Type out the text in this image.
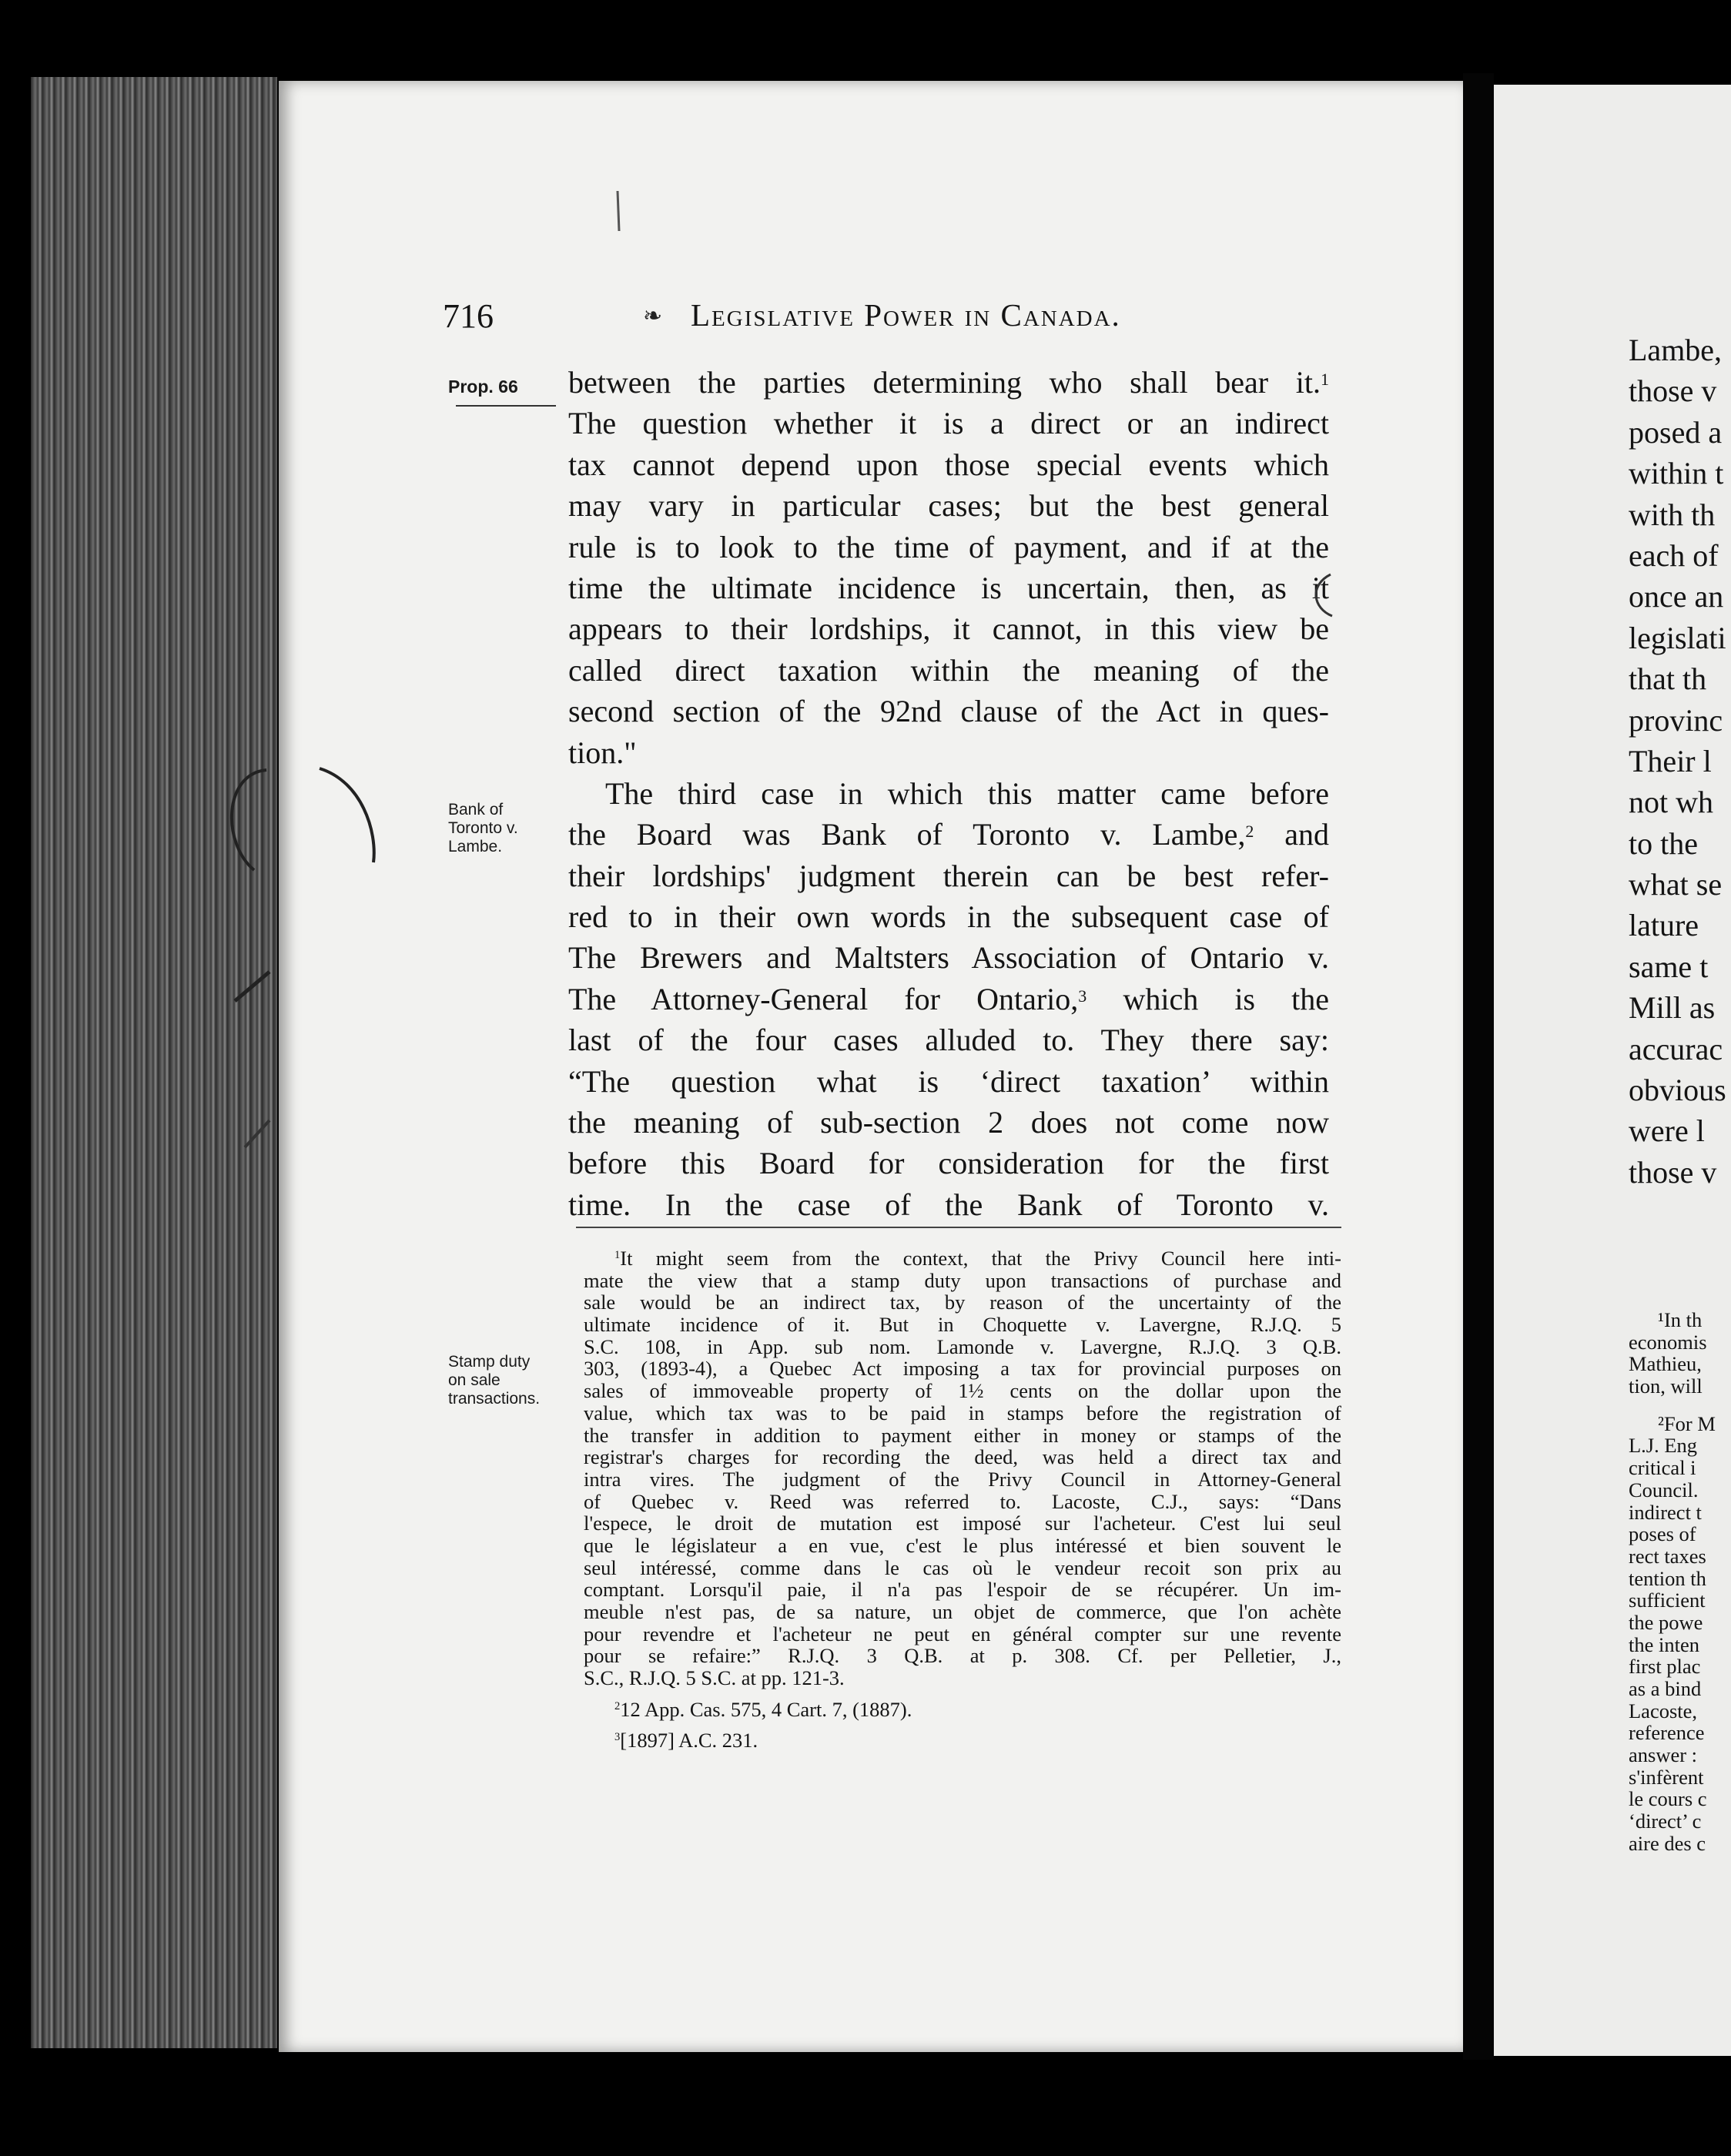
716	❧ Legislative Power in Canada.
Prop. 66
Bank of
Toronto v.
Lambe.
Stamp duty
on sale
transactions.
between the parties determining who shall bear it.$^1$
The question whether it is a direct or an indirect
tax cannot depend upon those special events which
may vary in particular cases; but the best general
rule is to look to the time of payment, and if at the
time the ultimate incidence is uncertain, then, as it
appears to their lordships, it cannot, in this view be
called direct taxation within the meaning of the
second section of the 92nd clause of the Act in ques-
tion."
The third case in which this matter came before
the Board was Bank of Toronto v. Lambe,$^2$ and
their lordships' judgment therein can be best refer-
red to in their own words in the subsequent case of
The Brewers and Maltsters Association of Ontario v.
The Attorney-General for Ontario,$^3$ which is the
last of the four cases alluded to. They there say:
“The question what is ‘direct taxation’ within
the meaning of sub-section 2 does not come now
before this Board for consideration for the first
time. In the case of the Bank of Toronto v.
$^1$It might seem from the context, that the Privy Council here inti-
mate the view that a stamp duty upon transactions of purchase and
sale would be an indirect tax, by reason of the uncertainty of the
ultimate incidence of it. But in Choquette v. Lavergne, R.J.Q. 5
S.C. 108, in App. sub nom. Lamonde v. Lavergne, R.J.Q. 3 Q.B.
303, (1893-4), a Quebec Act imposing a tax for provincial purposes on
sales of immoveable property of 1½ cents on the dollar upon the
value, which tax was to be paid in stamps before the registration of
the transfer in addition to payment either in money or stamps of the
registrar's charges for recording the deed, was held a direct tax and
intra vires. The judgment of the Privy Council in Attorney-General
of Quebec v. Reed was referred to. Lacoste, C.J., says: “Dans
l'espece, le droit de mutation est imposé sur l'acheteur. C'est lui seul
que le législateur a en vue, c'est le plus intéressé et bien souvent le
seul intéressé, comme dans le cas où le vendeur recoit son prix au
comptant. Lorsqu'il paie, il n'a pas l'espoir de se récupérer. Un im-
meuble n'est pas, de sa nature, un objet de commerce, que l'on achète
pour revendre et l'acheteur ne peut en général compter sur une revente
pour se refaire:” R.J.Q. 3 Q.B. at p. 308. Cf. per Pelletier, J.,
S.C., R.J.Q. 5 S.C. at pp. 121-3.
$^2$12 App. Cas. 575, 4 Cart. 7, (1887).
$^3$[1897] A.C. 231.
Lambe,
those v
posed a
within t
with th
each of
once an
legislati
that th
provinc
Their l
not wh
to the
what se
lature
same t
Mill as
accurac
obvious
were l
those v
¹In th
economis
Mathieu,
tion, will
²For M
L.J. Eng
critical i
Council.
indirect t
poses of
rect taxes
tention th
sufficient
the powe
the inten
first plac
as a bind
Lacoste,
reference
answer :
s'infèrent
le cours c
‘direct’ c
aire des c
